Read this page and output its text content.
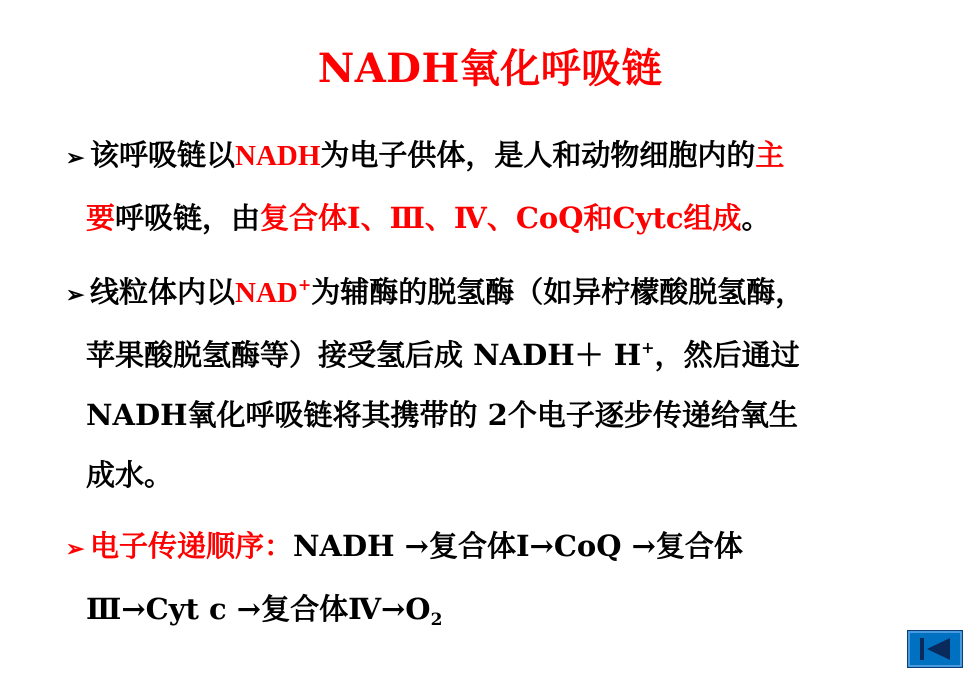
NADH氧化呼吸链
➢ 该呼吸链以NADH为电子供体，是人和动物细胞内的主
要呼吸链，由复合体Ⅰ、Ⅲ、Ⅳ、CoQ和Cytc组成。
➢ 线粒体内以NAD+为辅酶的脱氢酶（如异柠檬酸脱氢酶，
苹果酸脱氢酶等）接受氢后成 NADH＋ H+，然后通过
NADH氧化呼吸链将其携带的 2个电子逐步传递给氧生
成水。
➢ 电子传递顺序：NADH →复合体Ⅰ→CoQ →复合体
Ⅲ→Cyt c →复合体$Ⅳ\to O_2$
